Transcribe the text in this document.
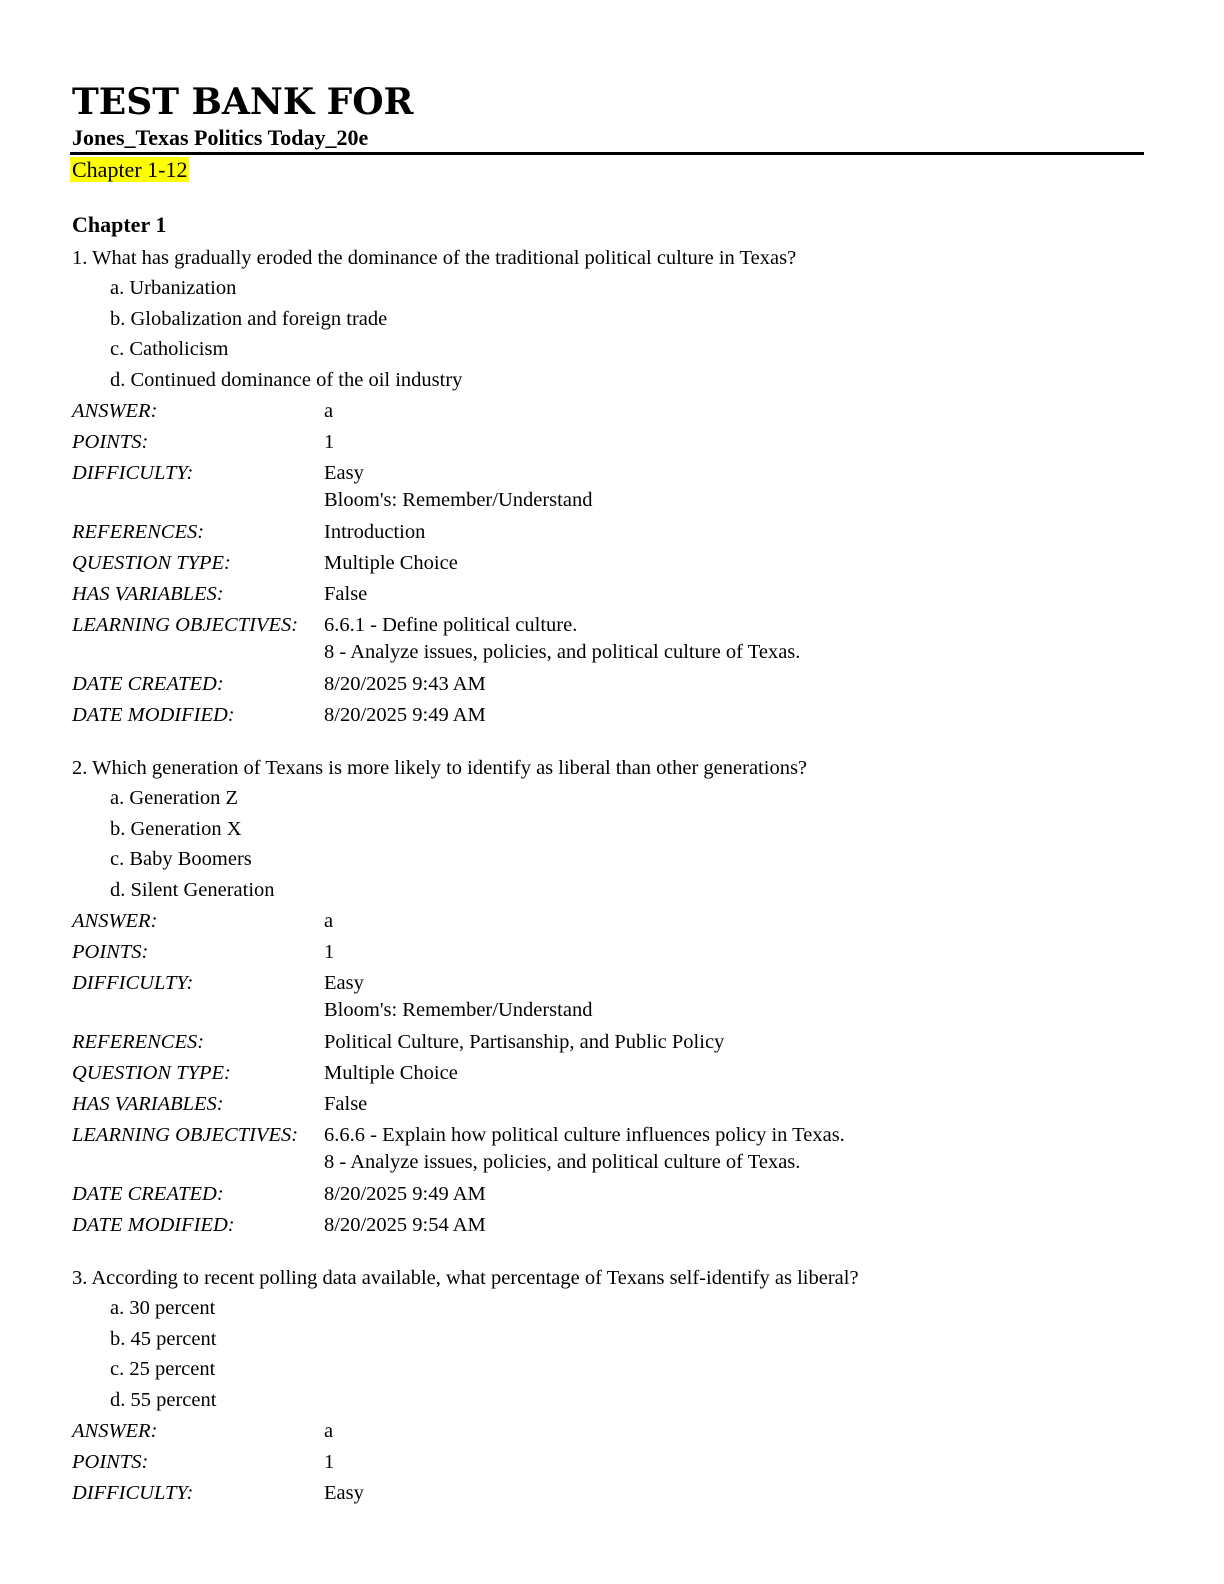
TEST BANK FOR
Jones_Texas Politics Today_20e
Chapter 1-12
Chapter 1
1. What has gradually eroded the dominance of the traditional political culture in Texas?
a. Urbanization
b. Globalization and foreign trade
c. Catholicism
d. Continued dominance of the oil industry
ANSWER:	a
POINTS:	1
DIFFICULTY:	Easy
Bloom's: Remember/Understand
REFERENCES:	Introduction
QUESTION TYPE:	Multiple Choice
HAS VARIABLES:	False
LEARNING OBJECTIVES:	6.6.1 - Define political culture.
8 - Analyze issues, policies, and political culture of Texas.
DATE CREATED:	8/20/2025 9:43 AM
DATE MODIFIED:	8/20/2025 9:49 AM
2. Which generation of Texans is more likely to identify as liberal than other generations?
a. Generation Z
b. Generation X
c. Baby Boomers
d. Silent Generation
ANSWER:	a
POINTS:	1
DIFFICULTY:	Easy
Bloom's: Remember/Understand
REFERENCES:	Political Culture, Partisanship, and Public Policy
QUESTION TYPE:	Multiple Choice
HAS VARIABLES:	False
LEARNING OBJECTIVES:	6.6.6 - Explain how political culture influences policy in Texas.
8 - Analyze issues, policies, and political culture of Texas.
DATE CREATED:	8/20/2025 9:49 AM
DATE MODIFIED:	8/20/2025 9:54 AM
3. According to recent polling data available, what percentage of Texans self-identify as liberal?
a. 30 percent
b. 45 percent
c. 25 percent
d. 55 percent
ANSWER:	a
POINTS:	1
DIFFICULTY:	Easy
